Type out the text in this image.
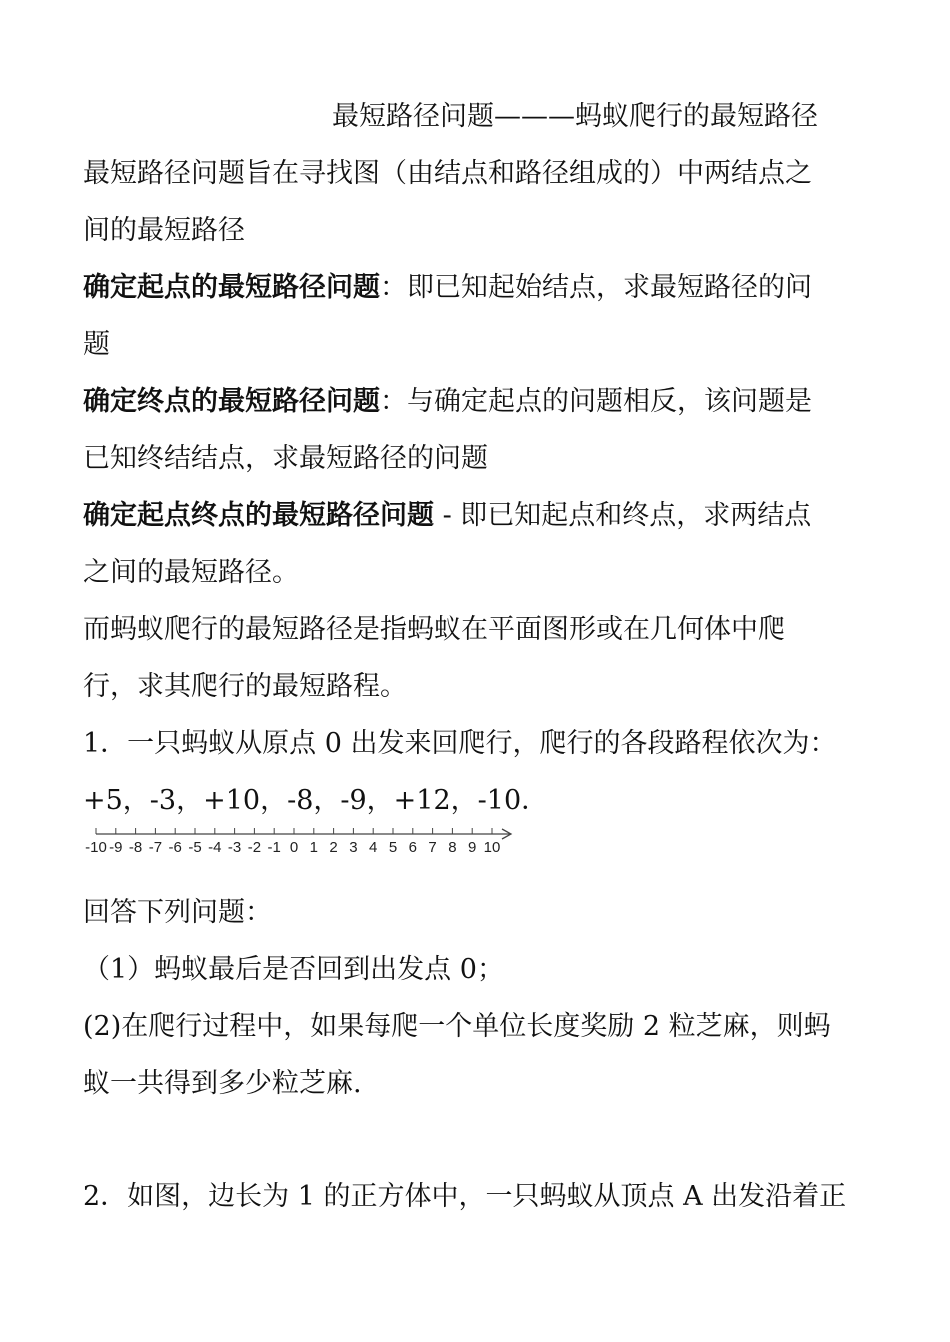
最短路径问题———蚂蚁爬行的最短路径
最短路径问题旨在寻找图（由结点和路径组成的）中两结点之
间的最短路径
确定起点的最短路径问题：即已知起始结点，求最短路径的问
题
确定终点的最短路径问题：与确定起点的问题相反，该问题是
已知终结结点，求最短路径的问题
确定起点终点的最短路径问题 - 即已知起点和终点，求两结点
之间的最短路径。
而蚂蚁爬行的最短路径是指蚂蚁在平面图形或在几何体中爬
行，求其爬行的最短路程。
1．一只蚂蚁从原点 0 出发来回爬行，爬行的各段路程依次为：
+5，-3，+10，-8，-9，+12，-10．
-10 -9 -8 -7 -6 -5 -4 -3 -2 -1 0 1 2 3 4 5 6 7 8 9 10
回答下列问题：
（1）蚂蚁最后是否回到出发点 0；
(2)在爬行过程中，如果每爬一个单位长度奖励 2 粒芝麻，则蚂
蚁一共得到多少粒芝麻.
2．如图，边长为 1 的正方体中，一只蚂蚁从顶点 A 出发沿着正
